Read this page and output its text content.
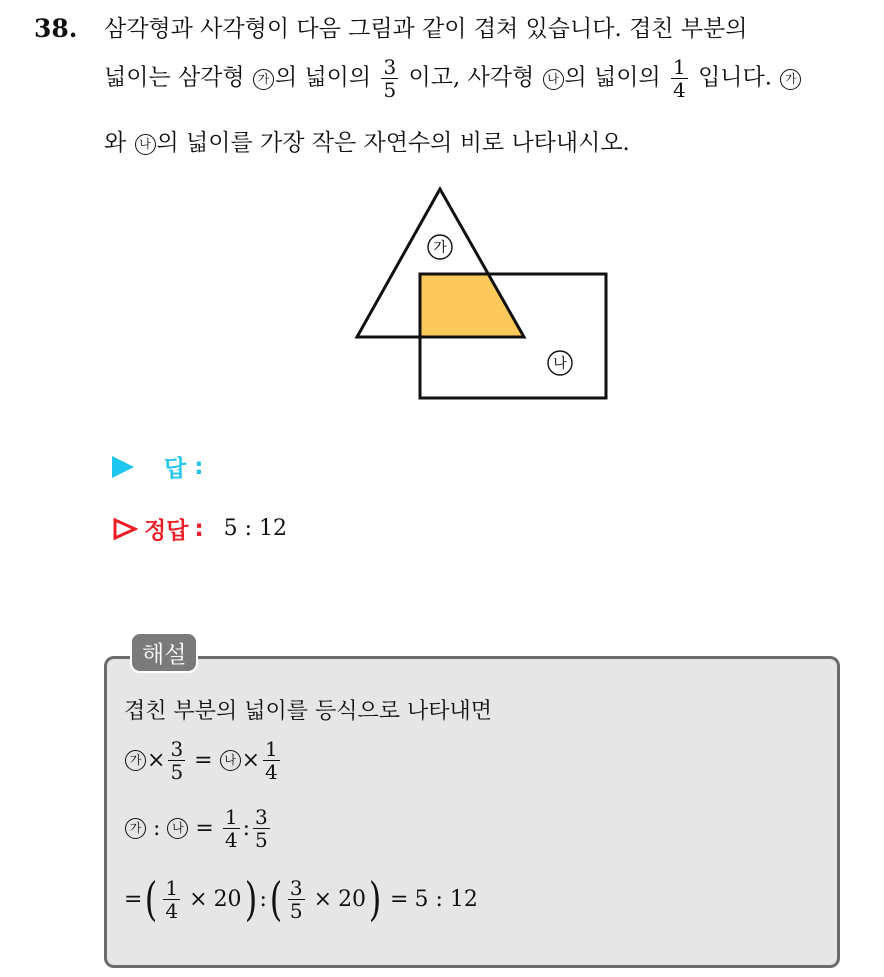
38. 삼각형과 사각형이 다음 그림과 같이 겹쳐 있습니다. 겹친 부분의
넓이는 삼각형 가 의 넓이의 $\frac{3}{5}$ 이고, 사각형 나 의 넓이의 $\frac{1}{4}$ 입니다. 가
와 나 의 넓이를 가장 작은 자연수의 비로 나타내시오.
가
나
답 :
정답 : 5 : 12
해설
겹친 부분의 넓이를 등식으로 나타내면
가 × $\frac{3}{5}$ = 나 × $\frac{1}{4}$
가 : 나 = $\frac{1}{4}$ : $\frac{3}{5}$
= ( $\frac{1}{4} \times 20$ ) : ( $\frac{3}{5} \times 20$ ) = 5 : 12
